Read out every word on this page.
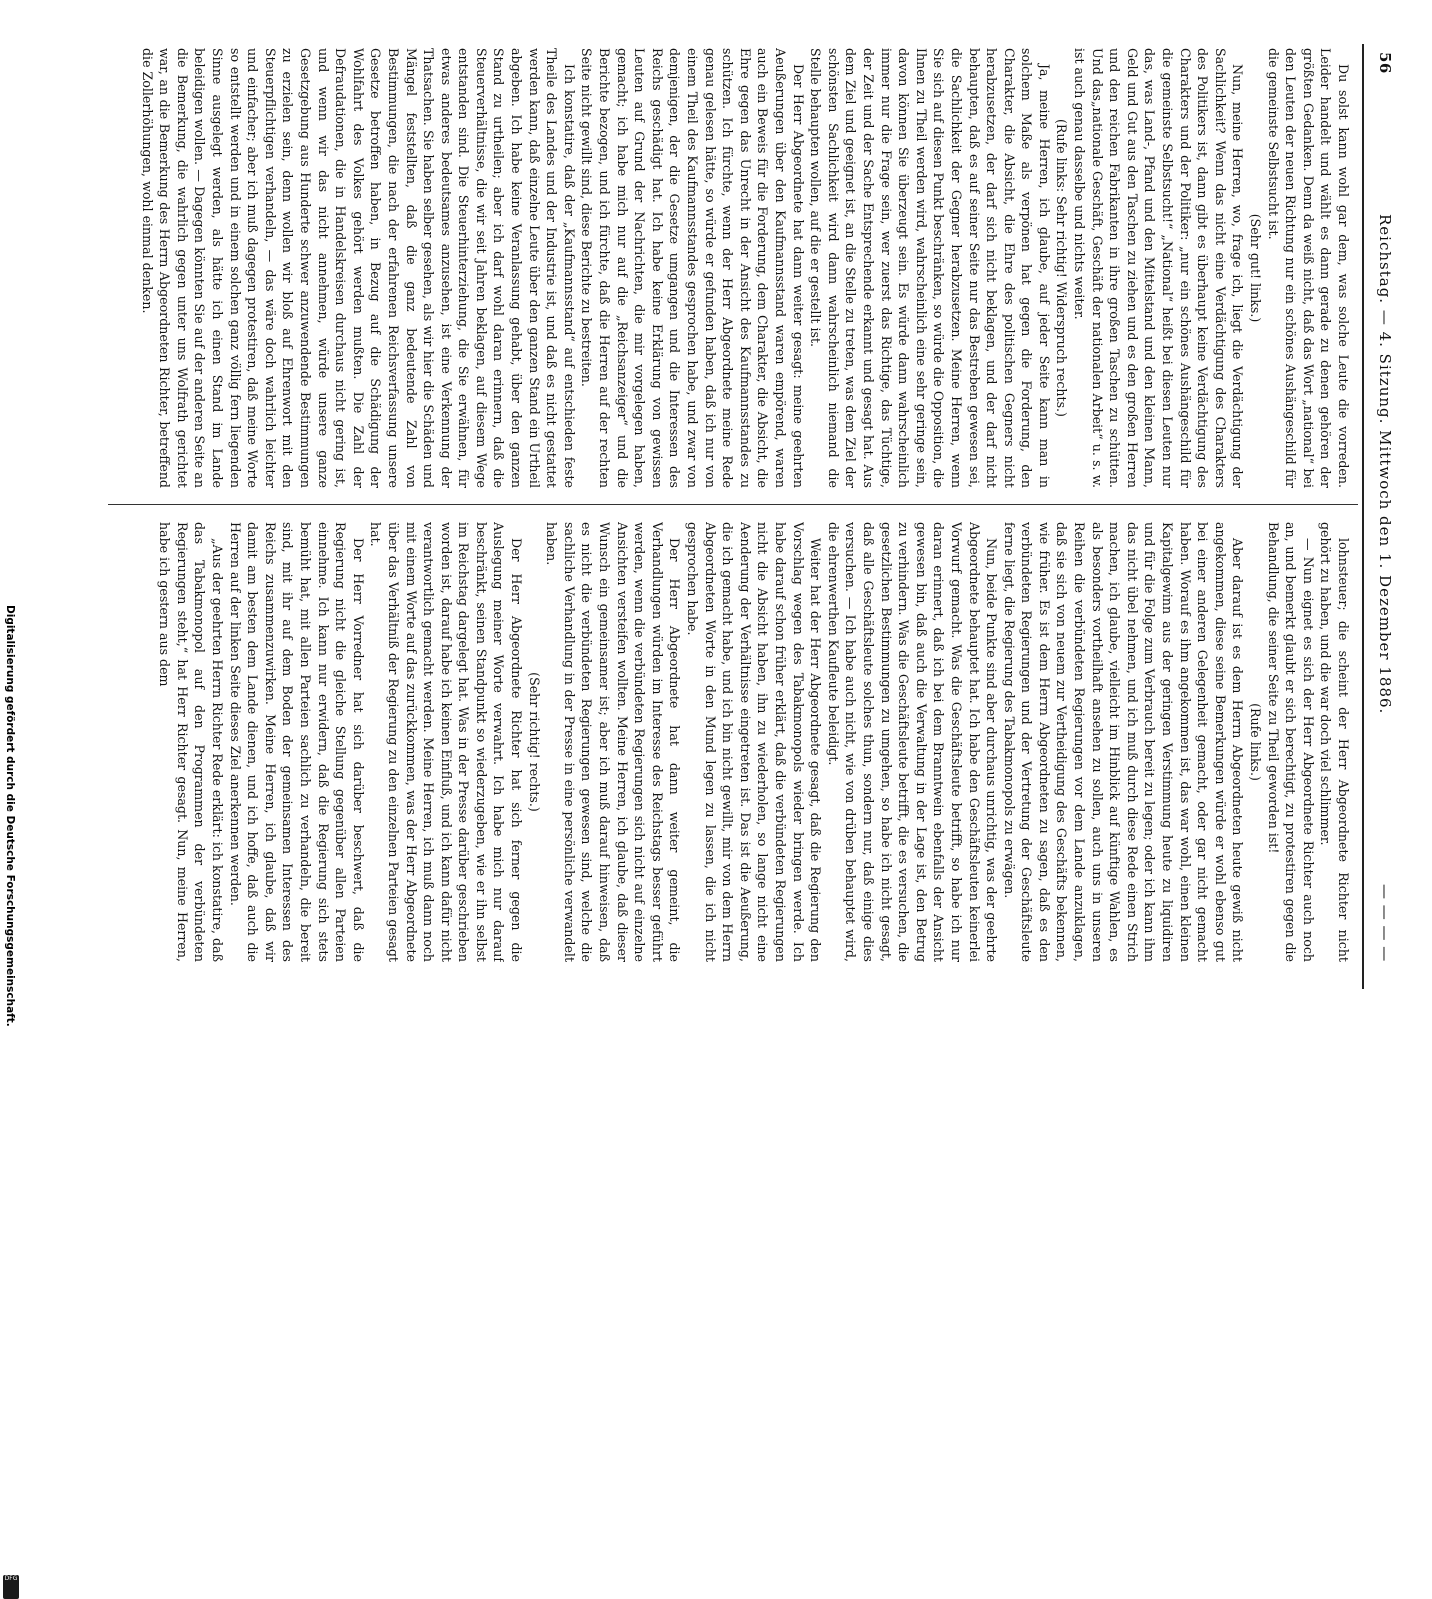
56
Reichstag. — 4. Sitzung. Mittwoch den 1. Dezember 1886.
— — — —

Du solst kann wohl gar dem, was solche Leute die vorreden. Leider handelt und wählt es dann gerade zu denen gehören der größten Gedanken. Denn da weiß nicht, daß das Wort „national“ bei den Leuten der neuen Richtung nur ein schönes Aushängeschild für die gemeinste Selbstsucht ist.

(Sehr gut! links.)

Nun, meine Herren, wo, frage ich, liegt die Verdächtigung der Sachlichkeit? Wenn das nicht eine Verdächtigung des Charakters des Politikers ist, dann gibt es überhaupt keine Verdächtigung des Charakters und der Politiker: „nur ein schönes Aushängeschild für die gemeinste Selbstsucht!“ „National“ heißt bei diesen Leuten nur das, was Land-, Pfand und den Mittelstand und den kleinen Mann, Geld und Gut aus den Taschen zu ziehen und es den großen Herren und den reichen Fabrikanten in ihre großen Taschen zu schütten. Und das„nationale Geschäft, Geschäft der nationalen Arbeit“ u. s. w. ist auch genau dasselbe und nichts weiter.

(Rufe links: Sehr richtig! Widerspruch rechts.)

Ja, meine Herren, ich glaube, auf jeder Seite kann man in solchem Maße als verpönen hat gegen die Forderung, den Charakter, die Absicht, die Ehre des politischen Gegners nicht herabzusetzen, der darf sich nicht beklagen, und der darf nicht behaupten, daß es auf seiner Seite nur das Bestreben gewesen sei, die Sachlichkeit der Gegner herabzusetzen. Meine Herren, wenn Sie sich auf diesen Punkt beschränken, so würde die Opposition, die Ihnen zu Theil werden wird, wahrscheinlich eine sehr geringe sein, davon können Sie überzeugt sein. Es würde dann wahrscheinlich immer nur die Frage sein, wer zuerst das Richtige, das Tüchtige, der Zeit und der Sache Entsprechende erkannt und gesagt hat. Aus dem Ziel und geeignet ist, an die Stelle zu treten, was dem Ziel der schönsten Sachlichkeit wird dann wahrscheinlich niemand die Stelle behaupten wollen, auf die er gestellt ist.

Der Herr Abgeordnete hat dann weiter gesagt: meine geehrten Aeußerungen über den Kaufmannsstand waren empörend, waren auch ein Beweis für die Forderung, dem Charakter, die Absicht, die Ehre gegen das Unrecht in der Ansicht des Kaufmannsstandes zu schützen. Ich fürchte, wenn der Herr Abgeordnete meine Rede genau gelesen hätte, so würde er gefunden haben, daß ich nur von einem Theil des Kaufmannsstandes gesprochen habe, und zwar von demjenigen, der die Gesetze umgangen und die Interessen des Reichs geschädigt hat. Ich habe keine Erklärung von gewissen Leuten auf Grund der Nachrichten, die mir vorgelegen haben, gemacht; ich habe mich nur auf die „Reichsanzeiger“ und die Berichte bezogen, und ich fürchte, daß die Herren auf der rechten Seite nicht gewillt sind, diese Berichte zu bestreiten.

Ich konstatire, daß der „Kaufmannsstand“ auf entschieden feste Theile des Landes und der Industrie ist, und daß es nicht gestattet werden kann, daß einzelne Leute über den ganzen Stand ein Urtheil abgeben. Ich habe keine Veranlassung gehabt, über den ganzen Stand zu urtheilen; aber ich darf wohl daran erinnern, daß die Steuerverhältnisse, die wir seit Jahren beklagen, auf diesem Wege entstanden sind. Die Steuerhinterziehung, die Sie erwähnen, für etwas anderes bedeutsames anzusehen, ist eine Verkennung der Thatsachen. Sie haben selber gesehen, als wir hier die Schäden und Mängel feststellten, daß die ganz bedeutende Zahl von Bestimmungen, die nach der erfahrenen Reichsverfassung unsere Gesetze betroffen haben, in Bezug auf die Schädigung der Wohlfahrt des Volkes gehört werden mußten. Die Zahl der Defraudationen, die in Handelskreisen durchaus nicht gering ist, und wenn wir das nicht annehmen, würde unsere ganze Gesetzgebung aus Hunderte schwer anzuwendende Bestimmungen zu erzielen sein, denn wollen wir bloß auf Ehrenwort mit den Steuerpflichtigen verhandeln, — das wäre doch wahrlich leichter und einfacher; aber ich muß dagegen protestiren, daß meine Worte so entstellt werden und in einem solchen ganz völlig fern liegenden Sinne ausgelegt werden, als hätte ich einen Stand im Lande beleidigen wollen. — Dagegen könnten Sie auf der anderen Seite an die Bemerkung, die wahrlich gegen unter uns Wolfrath gerichtet war, an die Bemerkung des Herrn Abgeordneten Richter, betreffend die Zollerhöhungen, wohl einmal denken.

lohnsteuer; die scheint der Herr Abgeordnete Richter nicht gehört zu haben, und die war doch viel schlimmer.

— Nun eignet es sich der Herr Abgeordnete Richter auch noch an, und bemerkt glaubt er sich berechtigt, zu protestiren gegen die Behandlung, die seiner Seite zu Theil geworden ist!

(Rufe links.)

Aber darauf ist es dem Herrn Abgeordneten heute gewiß nicht angekommen, diese seine Bemerkungen würde er wohl ebenso gut bei einer anderen Gelegenheit gemacht, oder gar nicht gemacht haben. Worauf es ihm angekommen ist, das war wohl, einen kleinen Kapitalgewinn aus der geringen Verstimmung heute zu liquidiren und für die Folge zum Verbrauch bereit zu legen; oder ich kann ihm das nicht übel nehmen, und ich muß durch diese Rede einen Strich machen, ich glaube, vielleicht im Hinblick auf künftige Wahlen, es als besonders vortheilhaft ansehen zu sollen, auch uns in unseren Reihen die verbündeten Regierungen vor dem Lande anzuklagen, daß sie sich von neuem zur Vertheidigung des Geschäfts bekennen, wie früher. Es ist dem Herrn Abgeordneten zu sagen, daß es den verbündeten Regierungen und der Vertretung der Geschäftsleute ferne liegt, die Regierung des Tabakmonopols zu erwägen.

Nun, beide Punkte sind aber durchaus unrichtig, was der geehrte Abgeordnete behauptet hat. Ich habe den Geschäftsleuten keinerlei Vorwurf gemacht. Was die Geschäftsleute betrifft, so habe ich nur daran erinnert, daß ich bei dem Branntwein ebenfalls der Ansicht gewesen bin, daß auch die Verwaltung in der Lage ist, den Betrug zu verhindern. Was die Geschäftsleute betrifft, die es versuchen, die gesetzlichen Bestimmungen zu umgehen, so habe ich nicht gesagt, daß alle Geschäftsleute solches thun, sondern nur, daß einige dies versuchen. — Ich habe auch nicht, wie von drüben behauptet wird, die ehrenwerthen Kaufleute beleidigt.

Weiter hat der Herr Abgeordnete gesagt, daß die Regierung den Vorschlag wegen des Tabakmonopols wieder bringen werde. Ich habe darauf schon früher erklärt, daß die verbündeten Regierungen nicht die Absicht haben, ihn zu wiederholen, so lange nicht eine Aenderung der Verhältnisse eingetreten ist. Das ist die Aeußerung, die ich gemacht habe, und ich bin nicht gewillt, mir von dem Herrn Abgeordneten Worte in den Mund legen zu lassen, die ich nicht gesprochen habe.

Der Herr Abgeordnete hat dann weiter gemeint, die Verhandlungen würden im Interesse des Reichstags besser geführt werden, wenn die verbündeten Regierungen sich nicht auf einzelne Ansichten versteifen wollten. Meine Herren, ich glaube, daß dieser Wunsch ein gemeinsamer ist; aber ich muß darauf hinweisen, daß es nicht die verbündeten Regierungen gewesen sind, welche die sachliche Verhandlung in der Presse in eine persönliche verwandelt haben.

(Sehr richtig! rechts.)

Der Herr Abgeordnete Richter hat sich ferner gegen die Auslegung meiner Worte verwahrt. Ich habe mich nur darauf beschränkt, seinen Standpunkt so wiederzugeben, wie er ihn selbst im Reichstag dargelegt hat. Was in der Presse darüber geschrieben worden ist, darauf habe ich keinen Einfluß, und ich kann dafür nicht verantwortlich gemacht werden. Meine Herren, ich muß dann noch mit einem Worte auf das zurückkommen, was der Herr Abgeordnete über das Verhältniß der Regierung zu den einzelnen Parteien gesagt hat.

Der Herr Vorredner hat sich darüber beschwert, daß die Regierung nicht die gleiche Stellung gegenüber allen Parteien einnehme. Ich kann nur erwidern, daß die Regierung sich stets bemüht hat, mit allen Parteien sachlich zu verhandeln, die bereit sind, mit ihr auf dem Boden der gemeinsamen Interessen des Reichs zusammenzuwirken. Meine Herren, ich glaube, daß wir damit am besten dem Lande dienen, und ich hoffe, daß auch die Herren auf der linken Seite dieses Ziel anerkennen werden.

„Aus der geehrten Herrn Richter Rede erklärt: ich konstatire, daß das Tabakmonopol auf den Programmen der verbündeten Regierungen steht,“ hat Herr Richter gesagt. Nun, meine Herren, habe ich gestern aus dem

Digitalisierung gefördert durch die Deutsche Forschungsgemeinschaft.
DFG
